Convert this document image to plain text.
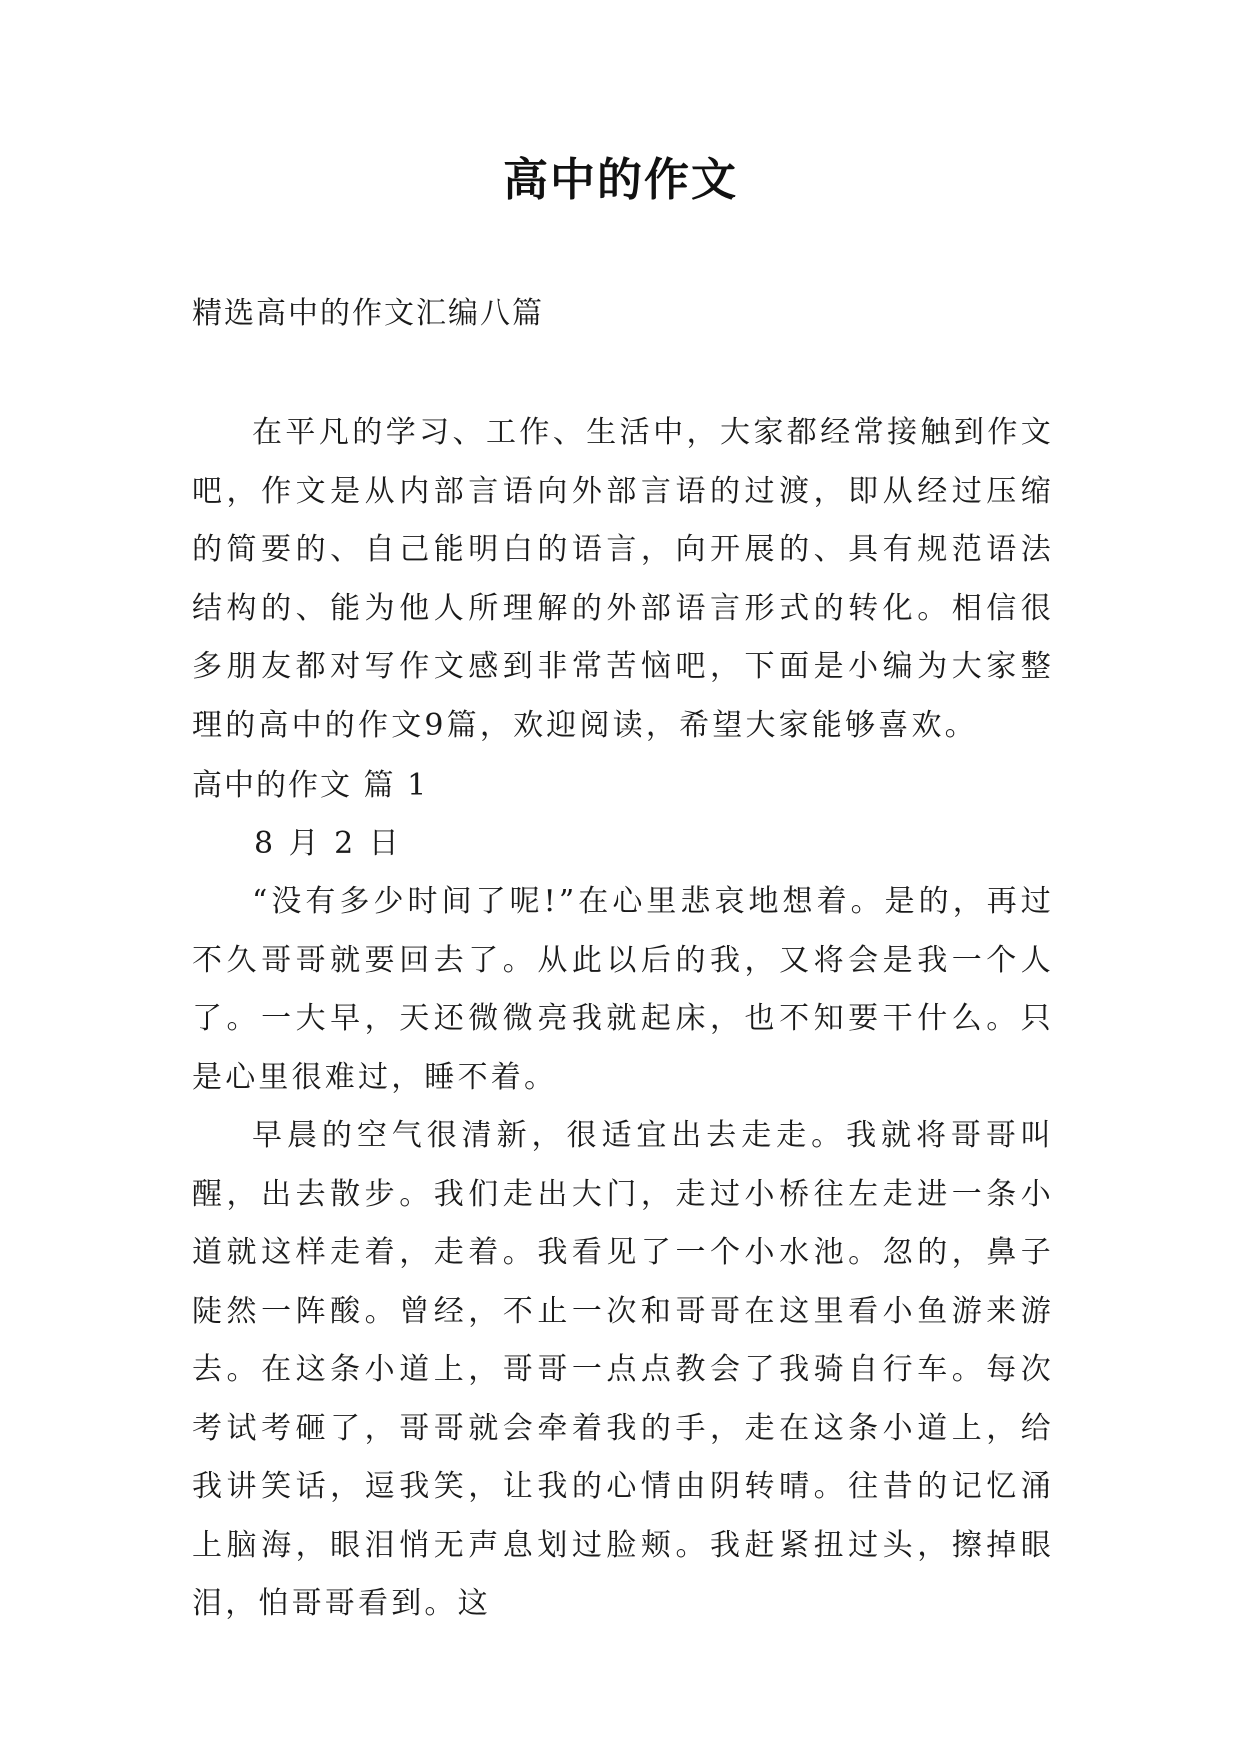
高中的作文
精选高中的作文汇编八篇

在平凡的学习、工作、生活中，大家都经常接触到作文吧，作文是从内部言语向外部言语的过渡，即从经过压缩的简要的、自己能明白的语言，向开展的、具有规范语法结构的、能为他人所理解的外部语言形式的转化。相信很多朋友都对写作文感到非常苦恼吧，下面是小编为大家整理的高中的作文9篇，欢迎阅读，希望大家能够喜欢。

高中的作文 篇 1
8 月 2 日

“没有多少时间了呢!”在心里悲哀地想着。是的，再过不久哥哥就要回去了。从此以后的我，又将会是我一个人了。一大早，天还微微亮我就起床，也不知要干什么。只是心里很难过，睡不着。

早晨的空气很清新，很适宜出去走走。我就将哥哥叫醒，出去散步。我们走出大门，走过小桥往左走进一条小道就这样走着，走着。我看见了一个小水池。忽的，鼻子陡然一阵酸。曾经，不止一次和哥哥在这里看小鱼游来游去。在这条小道上，哥哥一点点教会了我骑自行车。每次考试考砸了，哥哥就会牵着我的手，走在这条小道上，给我讲笑话，逗我笑，让我的心情由阴转晴。往昔的记忆涌上脑海，眼泪悄无声息划过脸颊。我赶紧扭过头，擦掉眼泪，怕哥哥看到。这
